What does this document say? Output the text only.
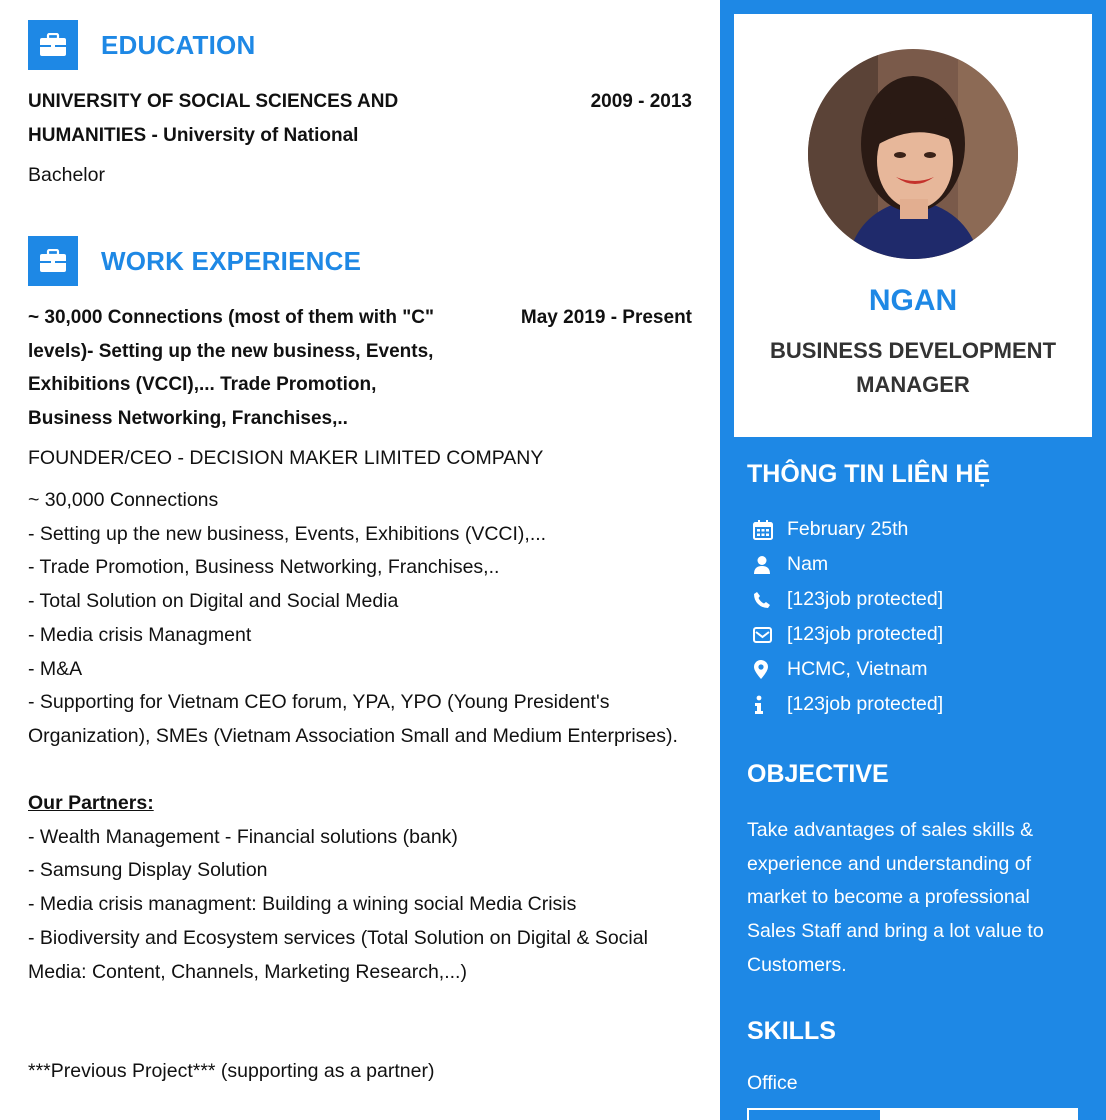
EDUCATION
UNIVERSITY OF SOCIAL SCIENCES AND
HUMANITIES - University of National
2009 - 2013
Bachelor
WORK EXPERIENCE
~ 30,000 Connections (most of them with "C"
levels)- Setting up the new business, Events,
Exhibitions (VCCI),... Trade Promotion,
Business Networking, Franchises,..
May 2019 - Present
FOUNDER/CEO - DECISION MAKER LIMITED COMPANY
~ 30,000 Connections
- Setting up the new business, Events, Exhibitions (VCCI),...
- Trade Promotion, Business Networking, Franchises,..
- Total Solution on Digital and Social Media
- Media crisis Managment
- M&A
- Supporting for Vietnam CEO forum, YPA, YPO (Young President's
Organization), SMEs (Vietnam Association Small and Medium Enterprises).
Our Partners:
- Wealth Management - Financial solutions (bank)
- Samsung Display Solution
- Media crisis managment: Building a wining social Media Crisis
- Biodiversity and Ecosystem services (Total Solution on Digital & Social
Media: Content, Channels, Marketing Research,...)
***Previous Project*** (supporting as a partner)
NGAN
BUSINESS DEVELOPMENT
MANAGER
THÔNG TIN LIÊN HỆ
February 25th
Nam
[123job protected]
[123job protected]
HCMC, Vietnam
[123job protected]
OBJECTIVE
Take advantages of sales skills &
experience and understanding of
market to become a professional
Sales Staff and bring a lot value to
Customers.
SKILLS
Office
